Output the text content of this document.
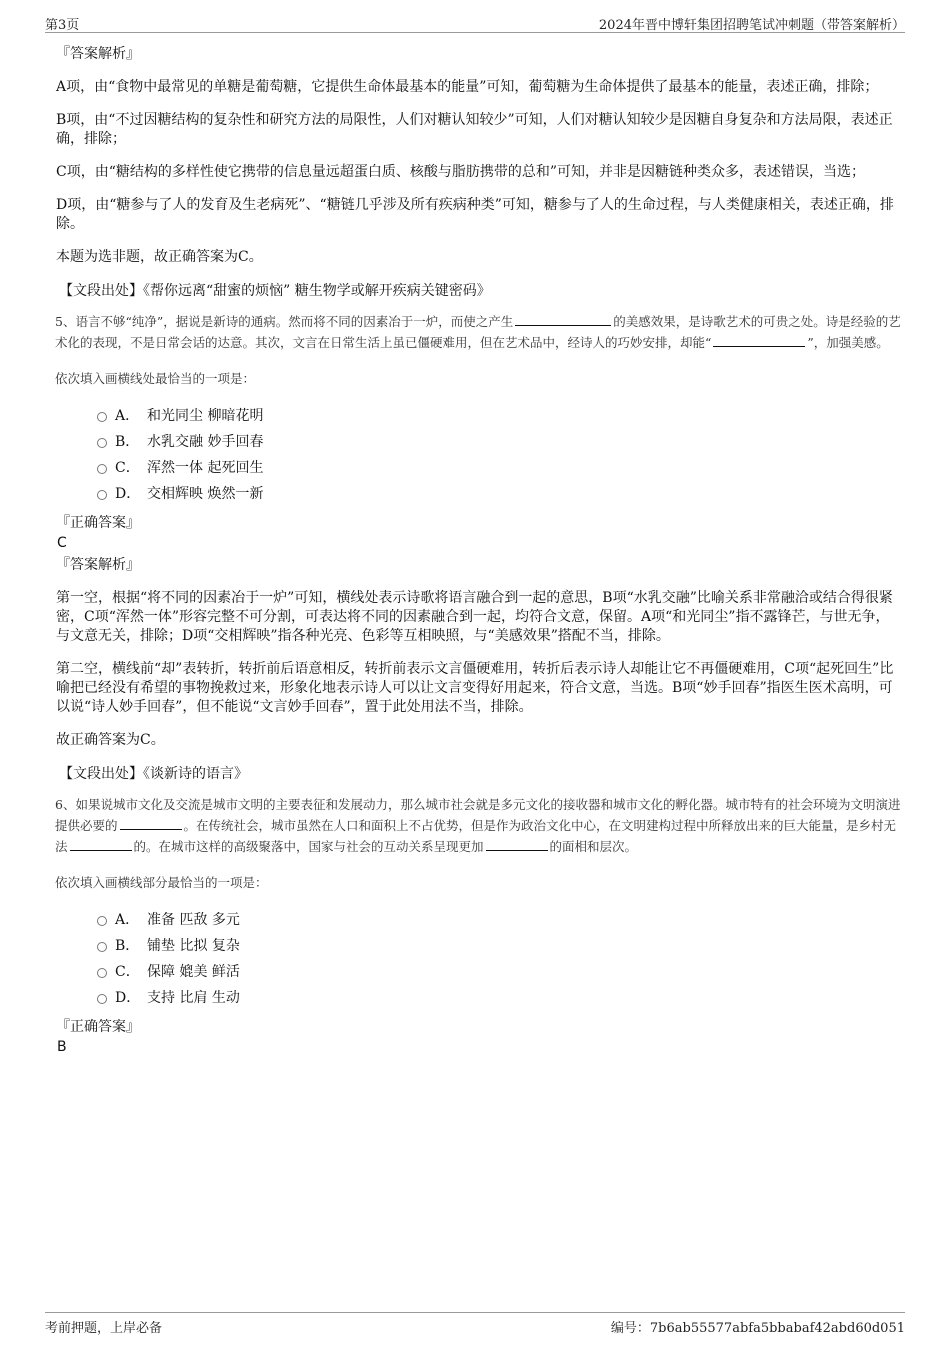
第3页	2024年晋中博轩集团招聘笔试冲刺题（带答案解析）

『答案解析』

A项，由“食物中最常见的单糖是葡萄糖，它提供生命体最基本的能量”可知，葡萄糖为生命体提供了最基本的能量，表述正确，排除；

B项，由“不过因糖结构的复杂性和研究方法的局限性，人们对糖认知较少”可知，人们对糖认知较少是因糖自身复杂和方法局限，表述正确，排除；

C项，由“糖结构的多样性使它携带的信息量远超蛋白质、核酸与脂肪携带的总和”可知，并非是因糖链种类众多，表述错误，当选；

D项，由“糖参与了人的发育及生老病死”、“糖链几乎涉及所有疾病种类”可知，糖参与了人的生命过程，与人类健康相关，表述正确，排除。

本题为选非题，故正确答案为C。

【文段出处】《帮你远离“甜蜜的烦恼” 糖生物学或解开疾病关键密码》

5、语言不够“纯净”，据说是新诗的通病。然而将不同的因素冶于一炉，而使之产生	的美感效果，是诗歌艺术的可贵之处。诗是经验的艺术化的表现，不是日常会话的达意。其次，文言在日常生活上虽已僵硬难用，但在艺术品中，经诗人的巧妙安排，却能“	”，加强美感。

依次填入画横线处最恰当的一项是：

A． 和光同尘 柳暗花明
B． 水乳交融 妙手回春
C． 浑然一体 起死回生
D． 交相辉映 焕然一新

『正确答案』

C

『答案解析』

第一空，根据“将不同的因素冶于一炉”可知，横线处表示诗歌将语言融合到一起的意思，B项“水乳交融”比喻关系非常融洽或结合得很紧密，C项“浑然一体”形容完整不可分割，可表达将不同的因素融合到一起，均符合文意，保留。A项“和光同尘”指不露锋芒，与世无争，与文意无关，排除；D项“交相辉映”指各种光亮、色彩等互相映照，与“美感效果”搭配不当，排除。

第二空，横线前“却”表转折，转折前后语意相反，转折前表示文言僵硬难用，转折后表示诗人却能让它不再僵硬难用，C项“起死回生”比喻把已经没有希望的事物挽救过来，形象化地表示诗人可以让文言变得好用起来，符合文意，当选。B项“妙手回春”指医生医术高明，可以说“诗人妙手回春”，但不能说“文言妙手回春”，置于此处用法不当，排除。

故正确答案为C。

【文段出处】《谈新诗的语言》

6、如果说城市文化及交流是城市文明的主要表征和发展动力，那么城市社会就是多元文化的接收器和城市文化的孵化器。城市特有的社会环境为文明演进提供必要的	。在传统社会，城市虽然在人口和面积上不占优势，但是作为政治文化中心，在文明建构过程中所释放出来的巨大能量，是乡村无法	的。在城市这样的高级聚落中，国家与社会的互动关系呈现更加	的面相和层次。

依次填入画横线部分最恰当的一项是：

A． 准备 匹敌 多元
B． 铺垫 比拟 复杂
C． 保障 媲美 鲜活
D． 支持 比肩 生动

『正确答案』

B

考前押题，上岸必备	编号：7b6ab55577abfa5bbabaf42abd60d051
